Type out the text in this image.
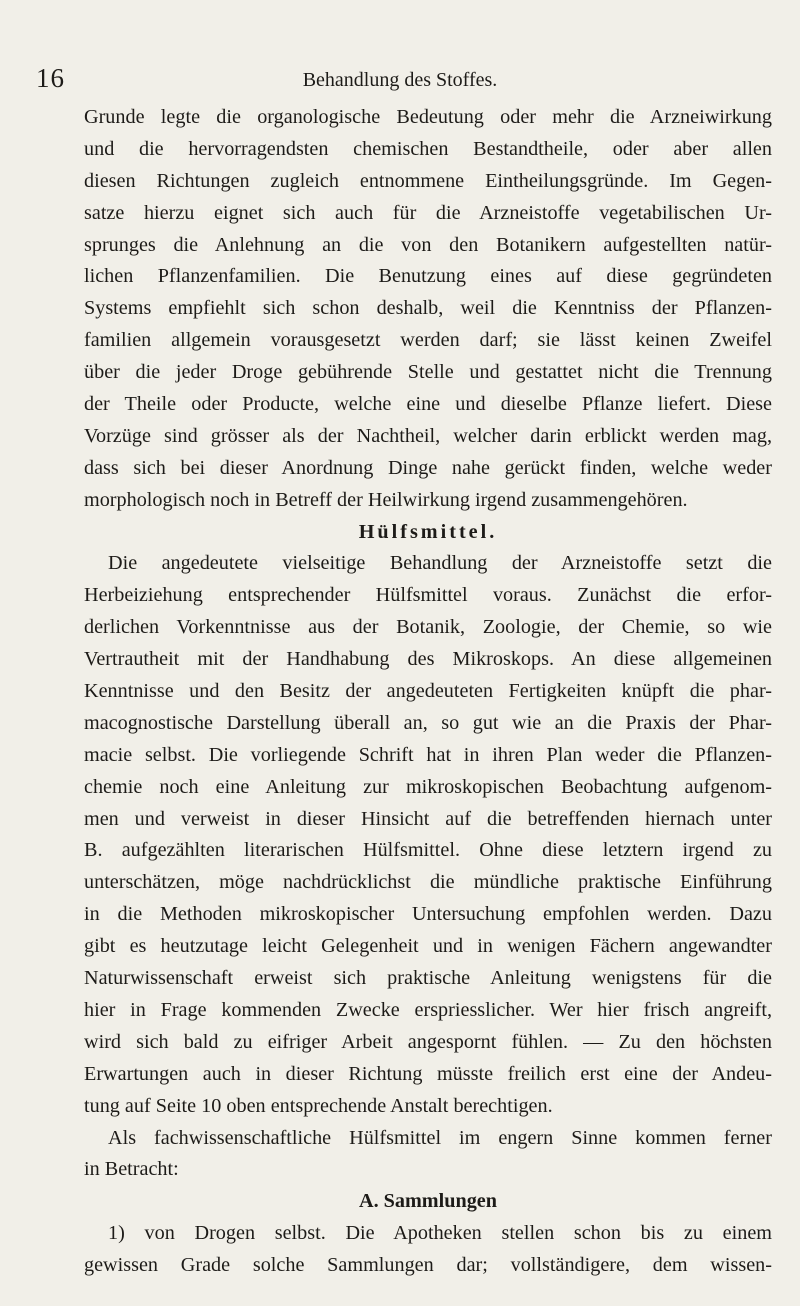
16	Behandlung des Stoffes.
Grunde legte die organologische Bedeutung oder mehr die Arzneiwirkung
und die hervorragendsten chemischen Bestandtheile, oder aber allen
diesen Richtungen zugleich entnommene Eintheilungsgründe. Im Gegen-
satze hierzu eignet sich auch für die Arzneistoffe vegetabilischen Ur-
sprunges die Anlehnung an die von den Botanikern aufgestellten natür-
lichen Pflanzenfamilien. Die Benutzung eines auf diese gegründeten
Systems empfiehlt sich schon deshalb, weil die Kenntniss der Pflanzen-
familien allgemein vorausgesetzt werden darf; sie lässt keinen Zweifel
über die jeder Droge gebührende Stelle und gestattet nicht die Trennung
der Theile oder Producte, welche eine und dieselbe Pflanze liefert. Diese
Vorzüge sind grösser als der Nachtheil, welcher darin erblickt werden mag,
dass sich bei dieser Anordnung Dinge nahe gerückt finden, welche weder
morphologisch noch in Betreff der Heilwirkung irgend zusammengehören.
Hülfsmittel.
Die angedeutete vielseitige Behandlung der Arzneistoffe setzt die
Herbeiziehung entsprechender Hülfsmittel voraus. Zunächst die erfor-
derlichen Vorkenntnisse aus der Botanik, Zoologie, der Chemie, so wie
Vertrautheit mit der Handhabung des Mikroskops. An diese allgemeinen
Kenntnisse und den Besitz der angedeuteten Fertigkeiten knüpft die phar-
macognostische Darstellung überall an, so gut wie an die Praxis der Phar-
macie selbst. Die vorliegende Schrift hat in ihren Plan weder die Pflanzen-
chemie noch eine Anleitung zur mikroskopischen Beobachtung aufgenom-
men und verweist in dieser Hinsicht auf die betreffenden hiernach unter
B. aufgezählten literarischen Hülfsmittel. Ohne diese letztern irgend zu
unterschätzen, möge nachdrücklichst die mündliche praktische Einführung
in die Methoden mikroskopischer Untersuchung empfohlen werden. Dazu
gibt es heutzutage leicht Gelegenheit und in wenigen Fächern angewandter
Naturwissenschaft erweist sich praktische Anleitung wenigstens für die
hier in Frage kommenden Zwecke erspriesslicher. Wer hier frisch angreift,
wird sich bald zu eifriger Arbeit angespornt fühlen. — Zu den höchsten
Erwartungen auch in dieser Richtung müsste freilich erst eine der Andeu-
tung auf Seite 10 oben entsprechende Anstalt berechtigen.
Als fachwissenschaftliche Hülfsmittel im engern Sinne kommen ferner
in Betracht:
A. Sammlungen
1) von Drogen selbst. Die Apotheken stellen schon bis zu einem
gewissen Grade solche Sammlungen dar; vollständigere, dem wissen-
